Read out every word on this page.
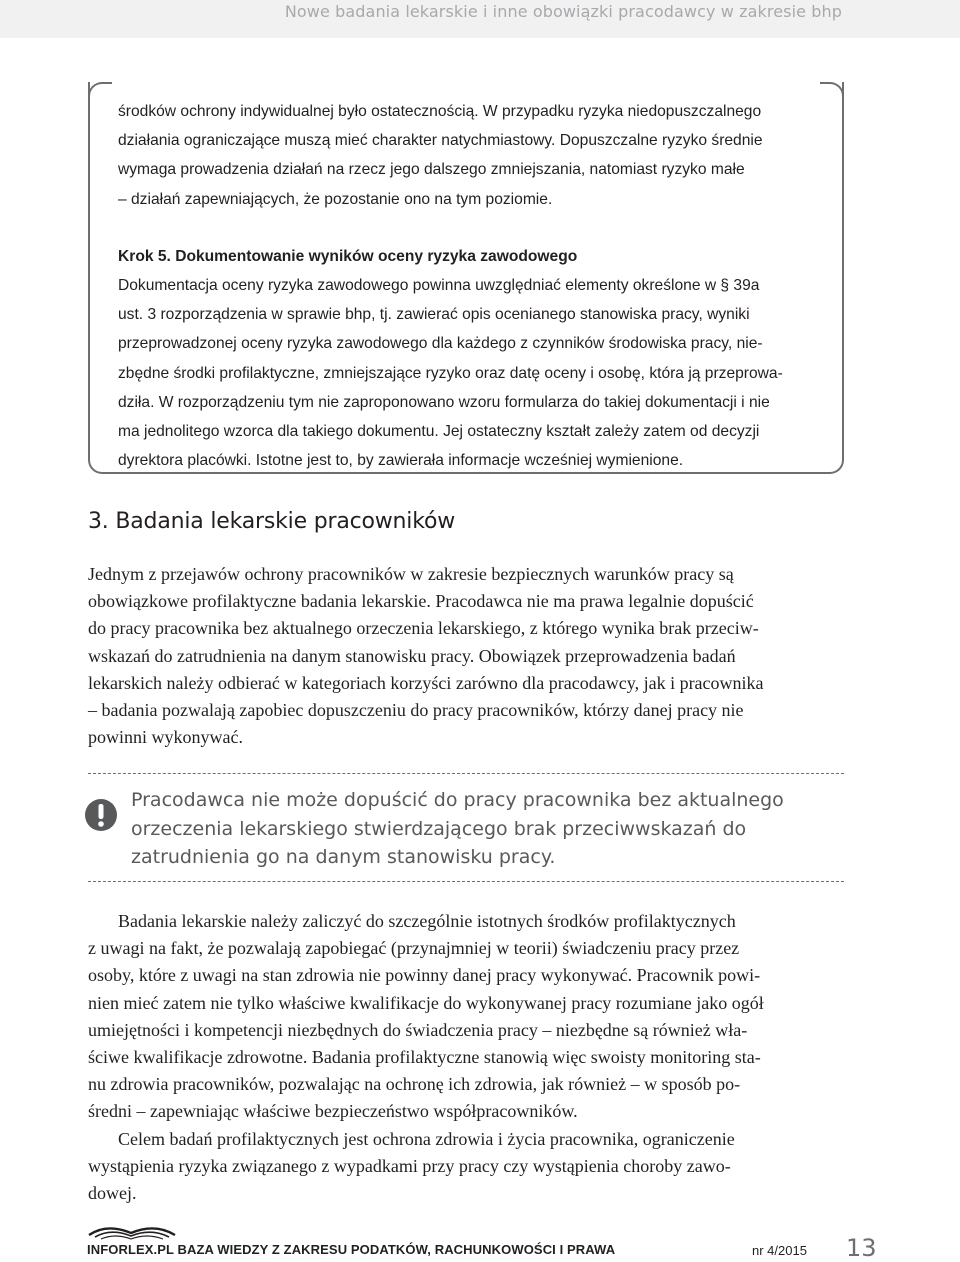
Nowe badania lekarskie i inne obowiązki pracodawcy w zakresie bhp

środków ochrony indywidualnej było ostatecznością. W przypadku ryzyka niedopuszczalnego

działania ograniczające muszą mieć charakter natychmiastowy. Dopuszczalne ryzyko średnie

wymaga prowadzenia działań na rzecz jego dalszego zmniejszania, natomiast ryzyko małe

– działań zapewniających, że pozostanie ono na tym poziomie.

Krok 5. Dokumentowanie wyników oceny ryzyka zawodowego

Dokumentacja oceny ryzyka zawodowego powinna uwzględniać elementy określone w § 39a

ust. 3 rozporządzenia w sprawie bhp, tj. zawierać opis ocenianego stanowiska pracy, wyniki

przeprowadzonej oceny ryzyka zawodowego dla każdego z czynników środowiska pracy, nie-

zbędne środki profilaktyczne, zmniejszające ryzyko oraz datę oceny i osobę, która ją przeprowa-

dziła. W rozporządzeniu tym nie zaproponowano wzoru formularza do takiej dokumentacji i nie

ma jednolitego wzorca dla takiego dokumentu. Jej ostateczny kształt zależy zatem od decyzji

dyrektora placówki. Istotne jest to, by zawierała informacje wcześniej wymienione.

3. Badania lekarskie pracowników

Jednym z przejawów ochrony pracowników w zakresie bezpiecznych warunków pracy są

obowiązkowe profilaktyczne badania lekarskie. Pracodawca nie ma prawa legalnie dopuścić

do pracy pracownika bez aktualnego orzeczenia lekarskiego, z którego wynika brak przeciw-

wskazań do zatrudnienia na danym stanowisku pracy. Obowiązek przeprowadzenia badań

lekarskich należy odbierać w kategoriach korzyści zarówno dla pracodawcy, jak i pracownika

– badania pozwalają zapobiec dopuszczeniu do pracy pracowników, którzy danej pracy nie

powinni wykonywać.

Pracodawca nie może dopuścić do pracy pracownika bez aktualnego
orzeczenia lekarskiego stwierdzającego brak przeciwwskazań do
zatrudnienia go na danym stanowisku pracy.

Badania lekarskie należy zaliczyć do szczególnie istotnych środków profilaktycznych

z uwagi na fakt, że pozwalają zapobiegać (przynajmniej w teorii) świadczeniu pracy przez

osoby, które z uwagi na stan zdrowia nie powinny danej pracy wykonywać. Pracownik powi-

nien mieć zatem nie tylko właściwe kwalifikacje do wykonywanej pracy rozumiane jako ogół

umiejętności i kompetencji niezbędnych do świadczenia pracy – niezbędne są również wła-

ściwe kwalifikacje zdrowotne. Badania profilaktyczne stanowią więc swoisty monitoring sta-

nu zdrowia pracowników, pozwalając na ochronę ich zdrowia, jak również – w sposób po-

średni – zapewniając właściwe bezpieczeństwo współpracowników.

Celem badań profilaktycznych jest ochrona zdrowia i życia pracownika, ograniczenie

wystąpienia ryzyka związanego z wypadkami przy pracy czy wystąpienia choroby zawo-

dowej.

INFORLEX.PL BAZA WIEDZY Z ZAKRESU PODATKÓW, RACHUNKOWOŚCI I PRAWA	nr 4/2015 13
